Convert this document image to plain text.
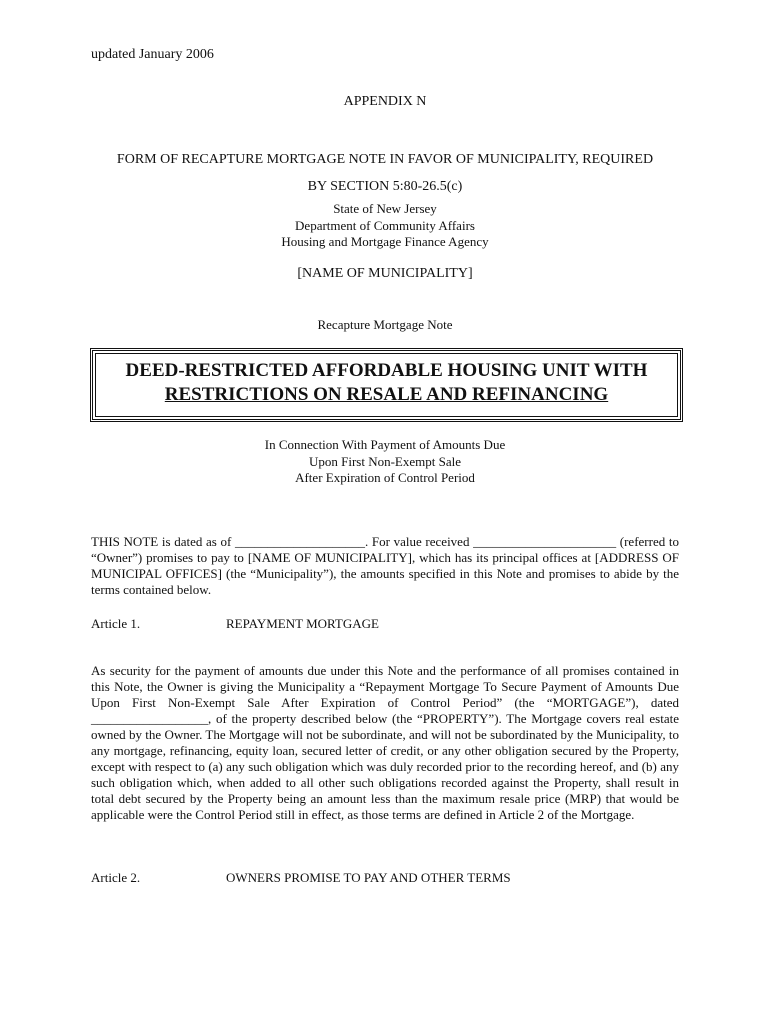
updated January 2006
APPENDIX N
FORM OF RECAPTURE MORTGAGE NOTE IN FAVOR OF MUNICIPALITY, REQUIRED
BY SECTION 5:80-26.5(c)
State of New Jersey
Department of Community Affairs
Housing and Mortgage Finance Agency
[NAME OF MUNICIPALITY]
Recapture Mortgage Note
DEED-RESTRICTED AFFORDABLE HOUSING UNIT WITH
RESTRICTIONS ON RESALE AND REFINANCING
In Connection With Payment of Amounts Due
Upon First Non-Exempt Sale
After Expiration of Control Period
THIS NOTE is dated as of ____________________. For value received ______________________ (referred to “Owner”) promises to pay to [NAME OF MUNICIPALITY], which has its principal offices at [ADDRESS OF MUNICIPAL OFFICES] (the “Municipality”), the amounts specified in this Note and promises to abide by the terms contained below.
Article 1.	REPAYMENT MORTGAGE
As security for the payment of amounts due under this Note and the performance of all promises contained in this Note, the Owner is giving the Municipality a “Repayment Mortgage To Secure Payment of Amounts Due Upon First Non-Exempt Sale After Expiration of Control Period” (the “MORTGAGE”), dated __________________, of the property described below (the “PROPERTY”). The Mortgage covers real estate owned by the Owner. The Mortgage will not be subordinate, and will not be subordinated by the Municipality, to any mortgage, refinancing, equity loan, secured letter of credit, or any other obligation secured by the Property, except with respect to (a) any such obligation which was duly recorded prior to the recording hereof, and (b) any such obligation which, when added to all other such obligations recorded against the Property, shall result in total debt secured by the Property being an amount less than the maximum resale price (MRP) that would be applicable were the Control Period still in effect, as those terms are defined in Article 2 of the Mortgage.
Article 2.	OWNERS PROMISE TO PAY AND OTHER TERMS
